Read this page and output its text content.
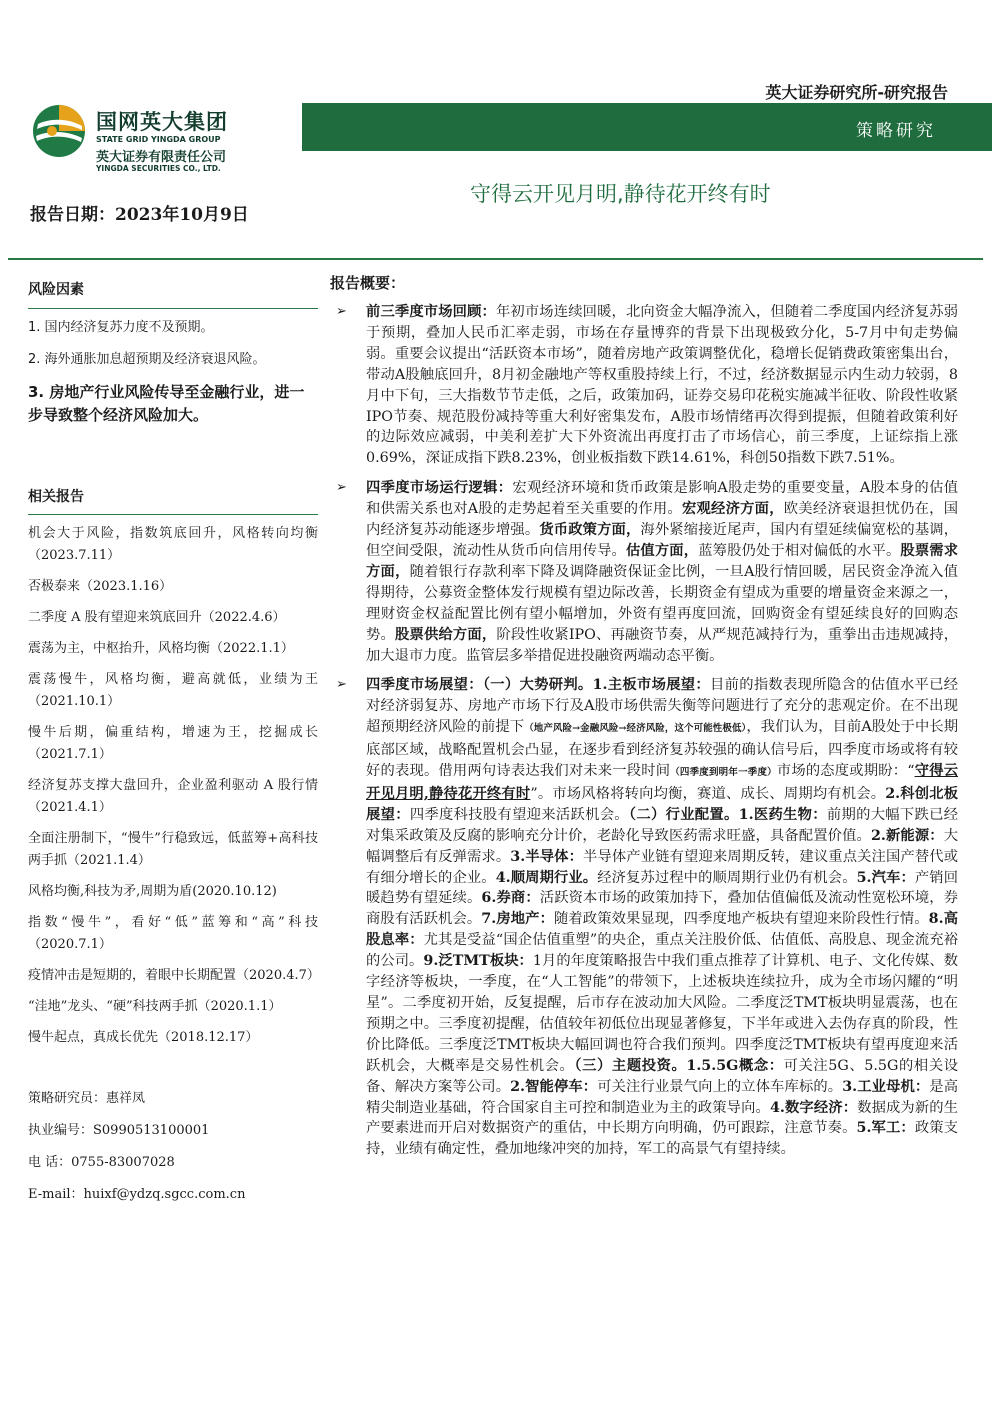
国网英大集团
STATE GRID YINGDA GROUP
英大证券有限责任公司
YINGDA SECURITIES CO., LTD.
英大证券研究所-研究报告
策略研究
守得云开见月明,静待花开终有时
报告日期：2023年10月9日
风险因素
1. 国内经济复苏力度不及预期。
2. 海外通胀加息超预期及经济衰退风险。
3. 房地产行业风险传导至金融行业，进一步导致整个经济风险加大。
相关报告
机会大于风险，指数筑底回升，风格转向均衡（2023.7.11）
否极泰来（2023.1.16）
二季度 A 股有望迎来筑底回升（2022.4.6）
震荡为主，中枢抬升，风格均衡（2022.1.1）
震荡慢牛，风格均衡，避高就低，业绩为王（2021.10.1）
慢牛后期，偏重结构，增速为王，挖掘成长（2021.7.1）
经济复苏支撑大盘回升，企业盈利驱动 A 股行情（2021.4.1）
全面注册制下，“慢牛”行稳致远，低蓝筹+高科技两手抓（2021.1.4）
风格均衡,科技为矛,周期为盾(2020.10.12)
指数“慢牛”，看好“低”蓝筹和“高”科技（2020.7.1）
疫情冲击是短期的，着眼中长期配置（2020.4.7）
“洼地”龙头、“硬”科技两手抓（2020.1.1）
慢牛起点，真成长优先（2018.12.17）
策略研究员：惠祥凤
执业编号：S0990513100001
电 话：0755-83007028
E-mail：huixf@ydzq.sgcc.com.cn
报告概要：

➢ 前三季度市场回顾：年初市场连续回暖，北向资金大幅净流入，但随着二季度国内经济复苏弱于预期，叠加人民币汇率走弱，市场在存量博弈的背景下出现极致分化，5-7月中旬走势偏弱。重要会议提出“活跃资本市场”，随着房地产政策调整优化，稳增长促销费政策密集出台，带动A股触底回升，8月初金融地产等权重股持续上行，不过，经济数据显示内生动力较弱，8月中下旬，三大指数节节走低，之后，政策加码，证券交易印花税实施减半征收、阶段性收紧IPO节奏、规范股份减持等重大利好密集发布，A股市场情绪再次得到提振，但随着政策利好的边际效应减弱，中美利差扩大下外资流出再度打击了市场信心，前三季度，上证综指上涨0.69%，深证成指下跌8.23%，创业板指数下跌14.61%，科创50指数下跌7.51%。

➢ 四季度市场运行逻辑：宏观经济环境和货币政策是影响A股走势的重要变量，A股本身的估值和供需关系也对A股的走势起着至关重要的作用。宏观经济方面，欧美经济衰退担忧仍在，国内经济复苏动能逐步增强。货币政策方面，海外紧缩接近尾声，国内有望延续偏宽松的基调，但空间受限，流动性从货币向信用传导。估值方面，蓝筹股仍处于相对偏低的水平。股票需求方面，随着银行存款利率下降及调降融资保证金比例，一旦A股行情回暖，居民资金净流入值得期待，公募资金整体发行规模有望边际改善，长期资金有望成为重要的增量资金来源之一，理财资金权益配置比例有望小幅增加，外资有望再度回流，回购资金有望延续良好的回购态势。股票供给方面，阶段性收紧IPO、再融资节奏，从严规范减持行为，重拳出击违规减持，加大退市力度。监管层多举措促进投融资两端动态平衡。

➢ 四季度市场展望：（一）大势研判。1.主板市场展望：目前的指数表现所隐含的估值水平已经对经济弱复苏、房地产市场下行及A股市场供需失衡等问题进行了充分的悲观定价。在不出现超预期经济风险的前提下（地产风险→金融风险→经济风险，这个可能性极低），我们认为，目前A股处于中长期底部区域，战略配置机会凸显，在逐步看到经济复苏较强的确认信号后，四季度市场或将有较好的表现。借用两句诗表达我们对未来一段时间（四季度到明年一季度）市场的态度或期盼：“守得云开见月明,静待花开终有时”。市场风格将转向均衡，赛道、成长、周期均有机会。2.科创北板展望：四季度科技股有望迎来活跃机会。（二）行业配置。1.医药生物：前期的大幅下跌已经对集采政策及反腐的影响充分计价，老龄化导致医药需求旺盛，具备配置价值。2.新能源：大幅调整后有反弹需求。3.半导体：半导体产业链有望迎来周期反转，建议重点关注国产替代或有细分增长的企业。4.顺周期行业。经济复苏过程中的顺周期行业仍有机会。5.汽车：产销回暖趋势有望延续。6.券商：活跃资本市场的政策加持下，叠加估值偏低及流动性宽松环境，券商股有活跃机会。7.房地产：随着政策效果显现，四季度地产板块有望迎来阶段性行情。8.高股息率：尤其是受益“国企估值重塑”的央企，重点关注股价低、估值低、高股息、现金流充裕的公司。9.泛TMT板块：1月的年度策略报告中我们重点推荐了计算机、电子、文化传媒、数字经济等板块，一季度，在“人工智能”的带领下，上述板块连续拉升，成为全市场闪耀的“明星”。二季度初开始，反复提醒，后市存在波动加大风险。二季度泛TMT板块明显震荡，也在预期之中。三季度初提醒，估值较年初低位出现显著修复，下半年或进入去伪存真的阶段，性价比降低。三季度泛TMT板块大幅回调也符合我们预判。四季度泛TMT板块有望再度迎来活跃机会，大概率是交易性机会。（三）主题投资。1.5.5G概念：可关注5G、5.5G的相关设备、解决方案等公司。2.智能停车：可关注行业景气向上的立体车库标的。3.工业母机：是高精尖制造业基础，符合国家自主可控和制造业为主的政策导向。4.数字经济：数据成为新的生产要素进而开启对数据资产的重估，中长期方向明确，仍可跟踪，注意节奏。5.军工：政策支持，业绩有确定性，叠加地缘冲突的加持，军工的高景气有望持续。
